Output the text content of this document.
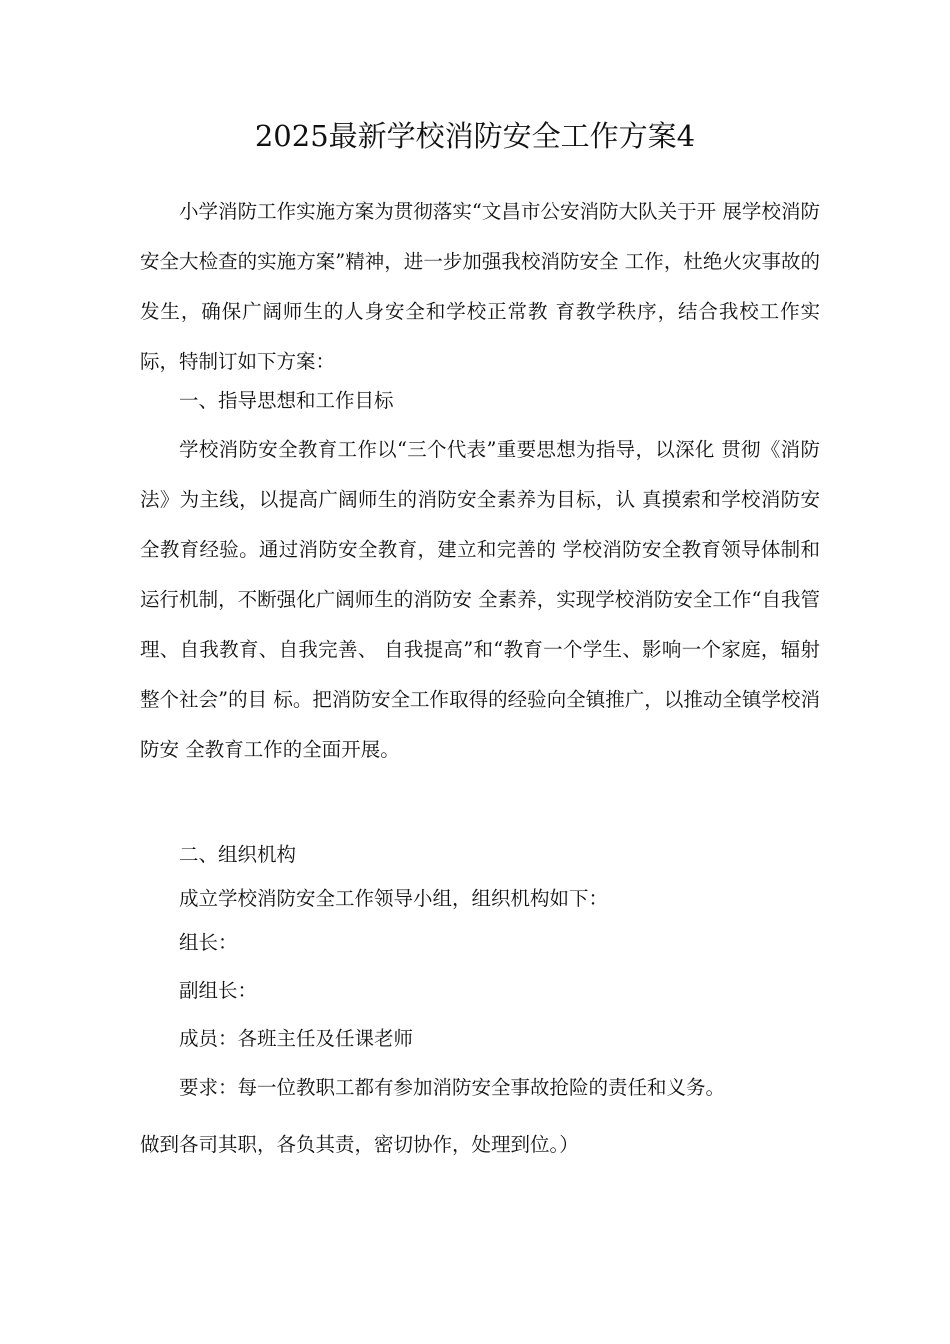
2025最新学校消防安全工作方案4

小学消防工作实施方案为贯彻落实“文昌市公安消防大队关于开 展学校消防安全大检查的实施方案”精神，进一步加强我校消防安全 工作，杜绝火灾事故的发生，确保广阔师生的人身安全和学校正常教 育教学秩序，结合我校工作实际，特制订如下方案：

一、指导思想和工作目标

学校消防安全教育工作以“三个代表”重要思想为指导，以深化 贯彻《消防法》为主线，以提高广阔师生的消防安全素养为目标，认 真摸索和学校消防安全教育经验。通过消防安全教育，建立和完善的 学校消防安全教育领导体制和运行机制，不断强化广阔师生的消防安 全素养，实现学校消防安全工作“自我管理、自我教育、自我完善、 自我提高”和“教育一个学生、影响一个家庭，辐射整个社会”的目 标。把消防安全工作取得的经验向全镇推广，以推动全镇学校消防安 全教育工作的全面开展。

二、组织机构

成立学校消防安全工作领导小组，组织机构如下：

组长：

副组长：

成员：各班主任及任课老师

要求：每一位教职工都有参加消防安全事故抢险的责任和义务。

做到各司其职，各负其责，密切协作，处理到位。）
